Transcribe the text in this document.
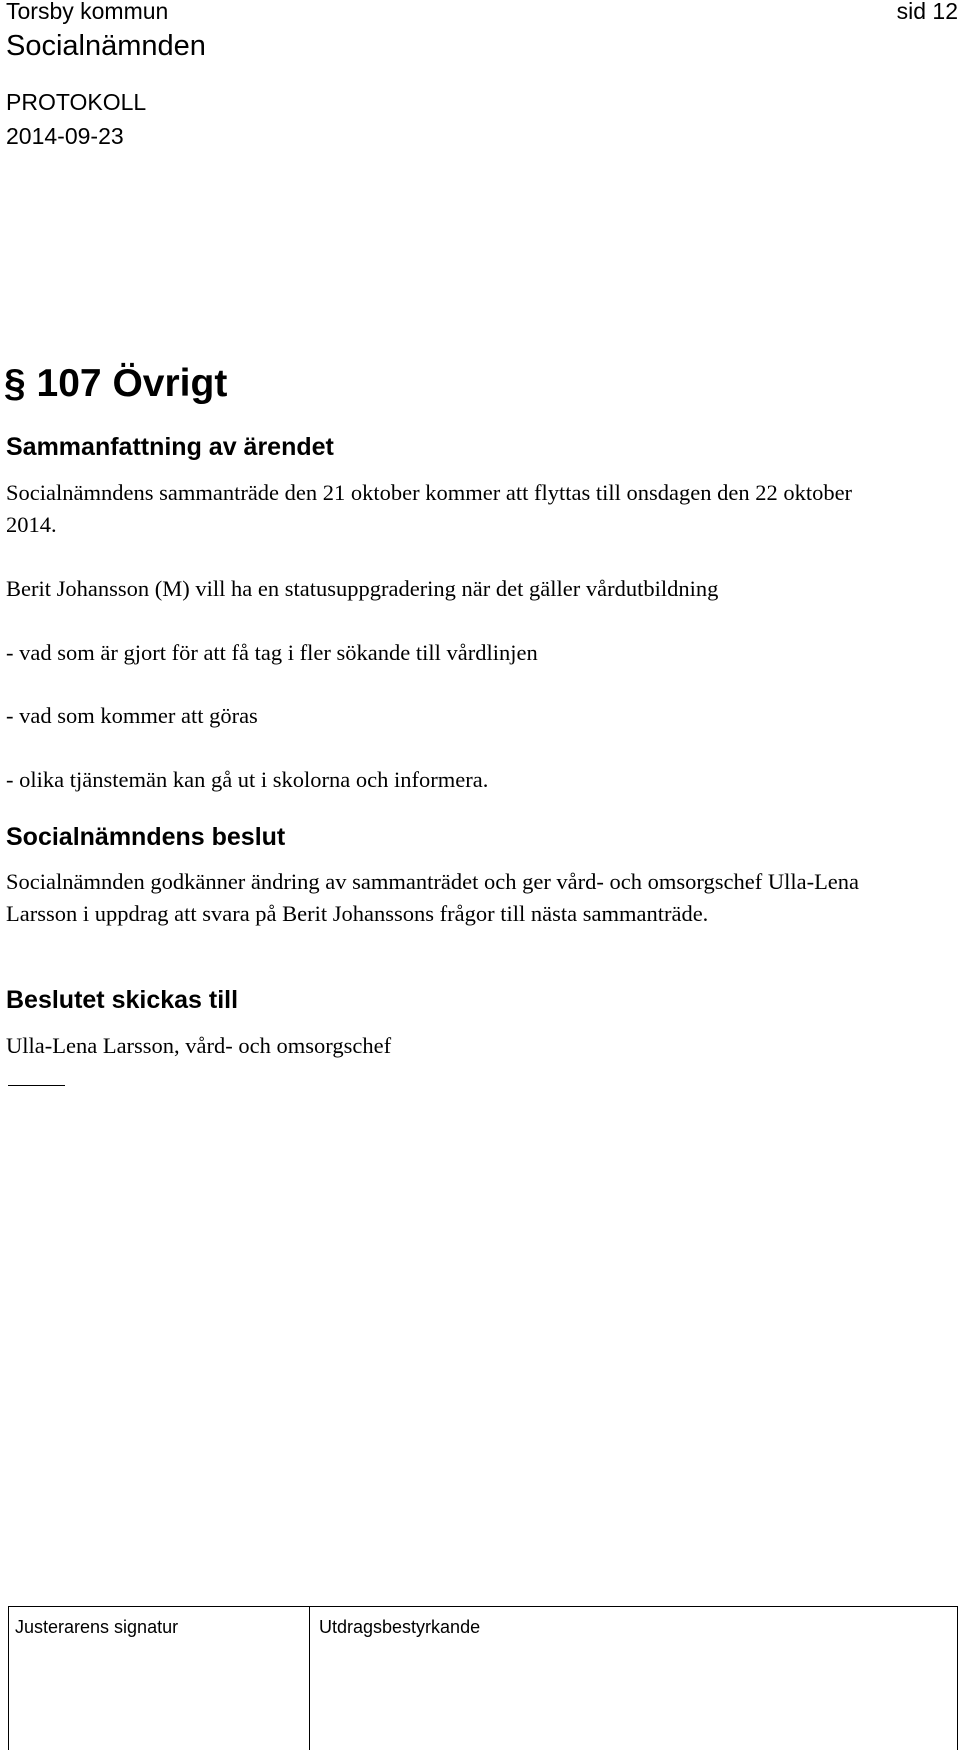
Torsby kommun	sid 12

Socialnämnden

PROTOKOLL

2014-09-23

§ 107 Övrigt
Sammanfattning av ärendet

Socialnämndens sammanträde den 21 oktober kommer att flyttas till onsdagen den 22 oktober 2014.

Berit Johansson (M) vill ha en statusuppgradering när det gäller vårdutbildning

- vad som är gjort för att få tag i fler sökande till vårdlinjen

- vad som kommer att göras

- olika tjänstemän kan gå ut i skolorna och informera.

Socialnämndens beslut

Socialnämnden godkänner ändring av sammanträdet och ger vård- och omsorgschef Ulla-Lena Larsson i uppdrag att svara på Berit Johanssons frågor till nästa sammanträde.

Beslutet skickas till

Ulla-Lena Larsson, vård- och omsorgschef

Justerarens signatur	Utdragsbestyrkande
